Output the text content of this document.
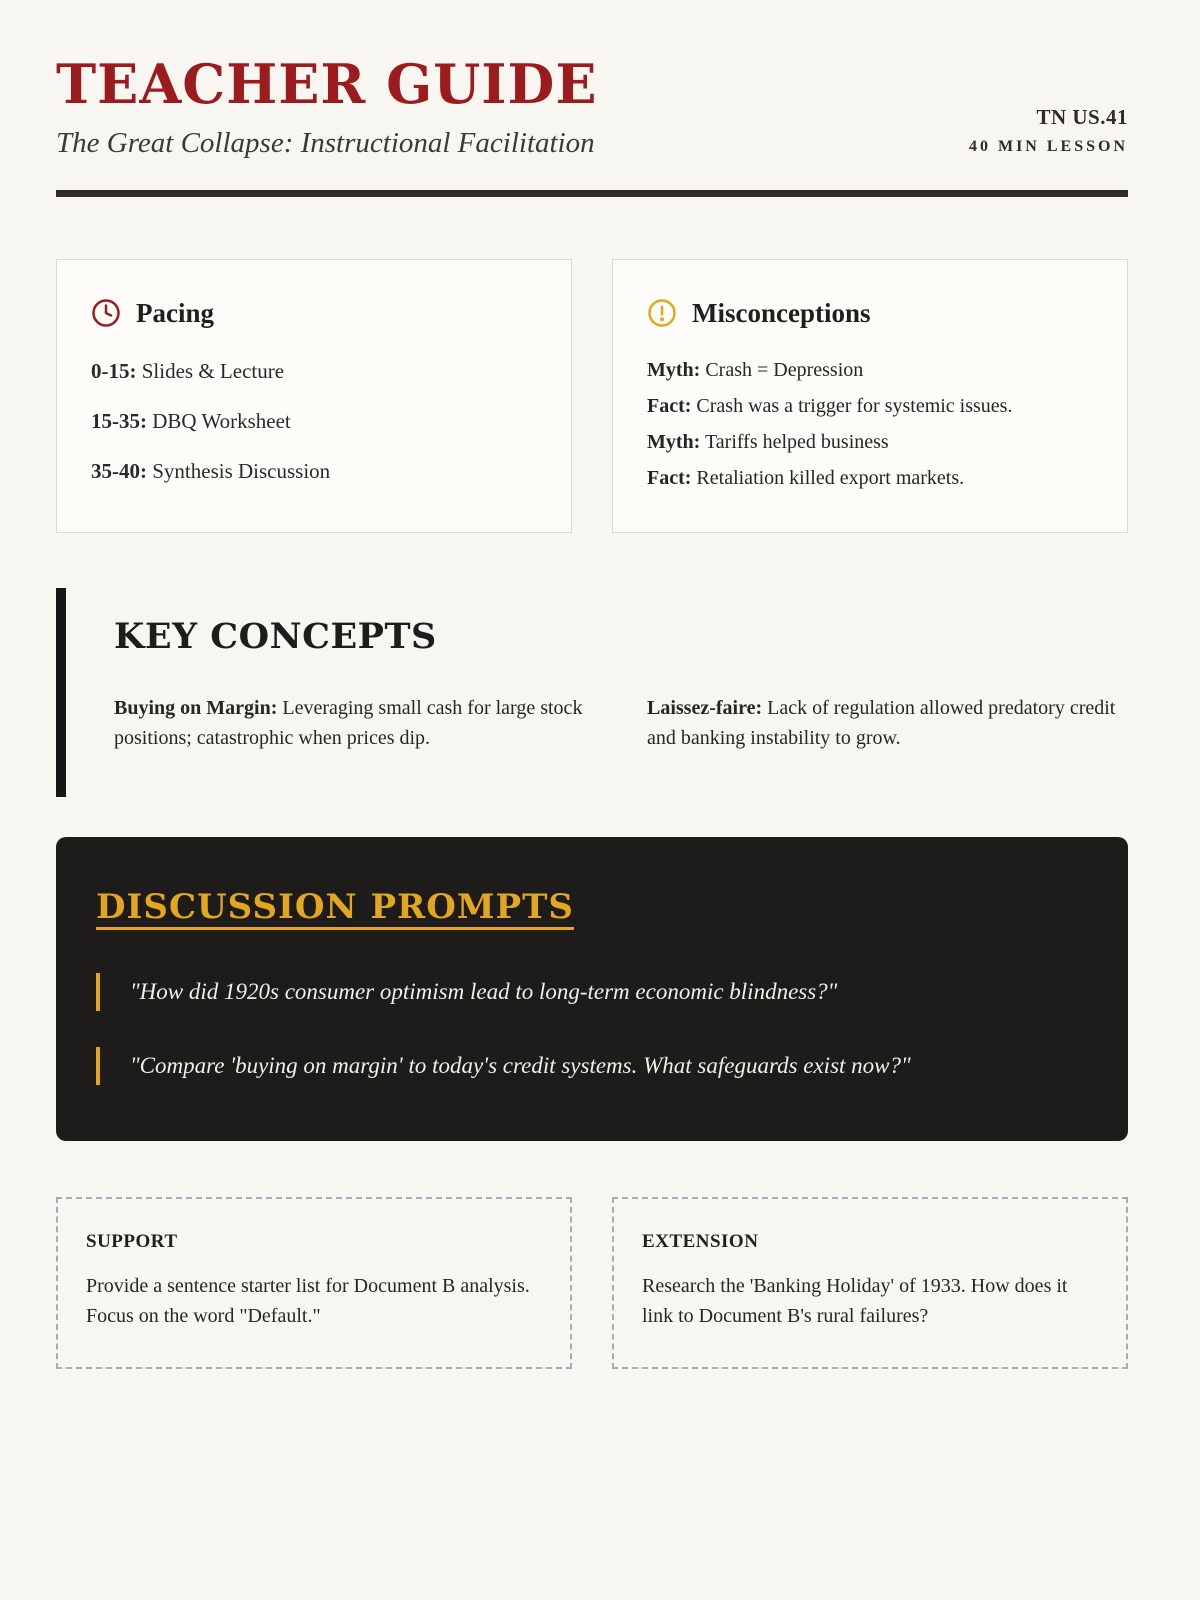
TEACHER GUIDE

The Great Collapse: Instructional Facilitation

TN US.41
40 MIN LESSON
Pacing

0-15: Slides & Lecture

15-35: DBQ Worksheet

35-40: Synthesis Discussion

Misconceptions

Myth: Crash = Depression

Fact: Crash was a trigger for systemic issues.

Myth: Tariffs helped business

Fact: Retaliation killed export markets.

KEY CONCEPTS

Buying on Margin: Leveraging small cash for large stock positions; catastrophic when prices dip.

Laissez-faire: Lack of regulation allowed predatory credit and banking instability to grow.

DISCUSSION PROMPTS

"How did 1920s consumer optimism lead to long-term economic blindness?"

"Compare 'buying on margin' to today's credit systems. What safeguards exist now?"

SUPPORT

Provide a sentence starter list for Document B analysis. Focus on the word "Default."

EXTENSION

Research the 'Banking Holiday' of 1933. How does it link to Document B's rural failures?
